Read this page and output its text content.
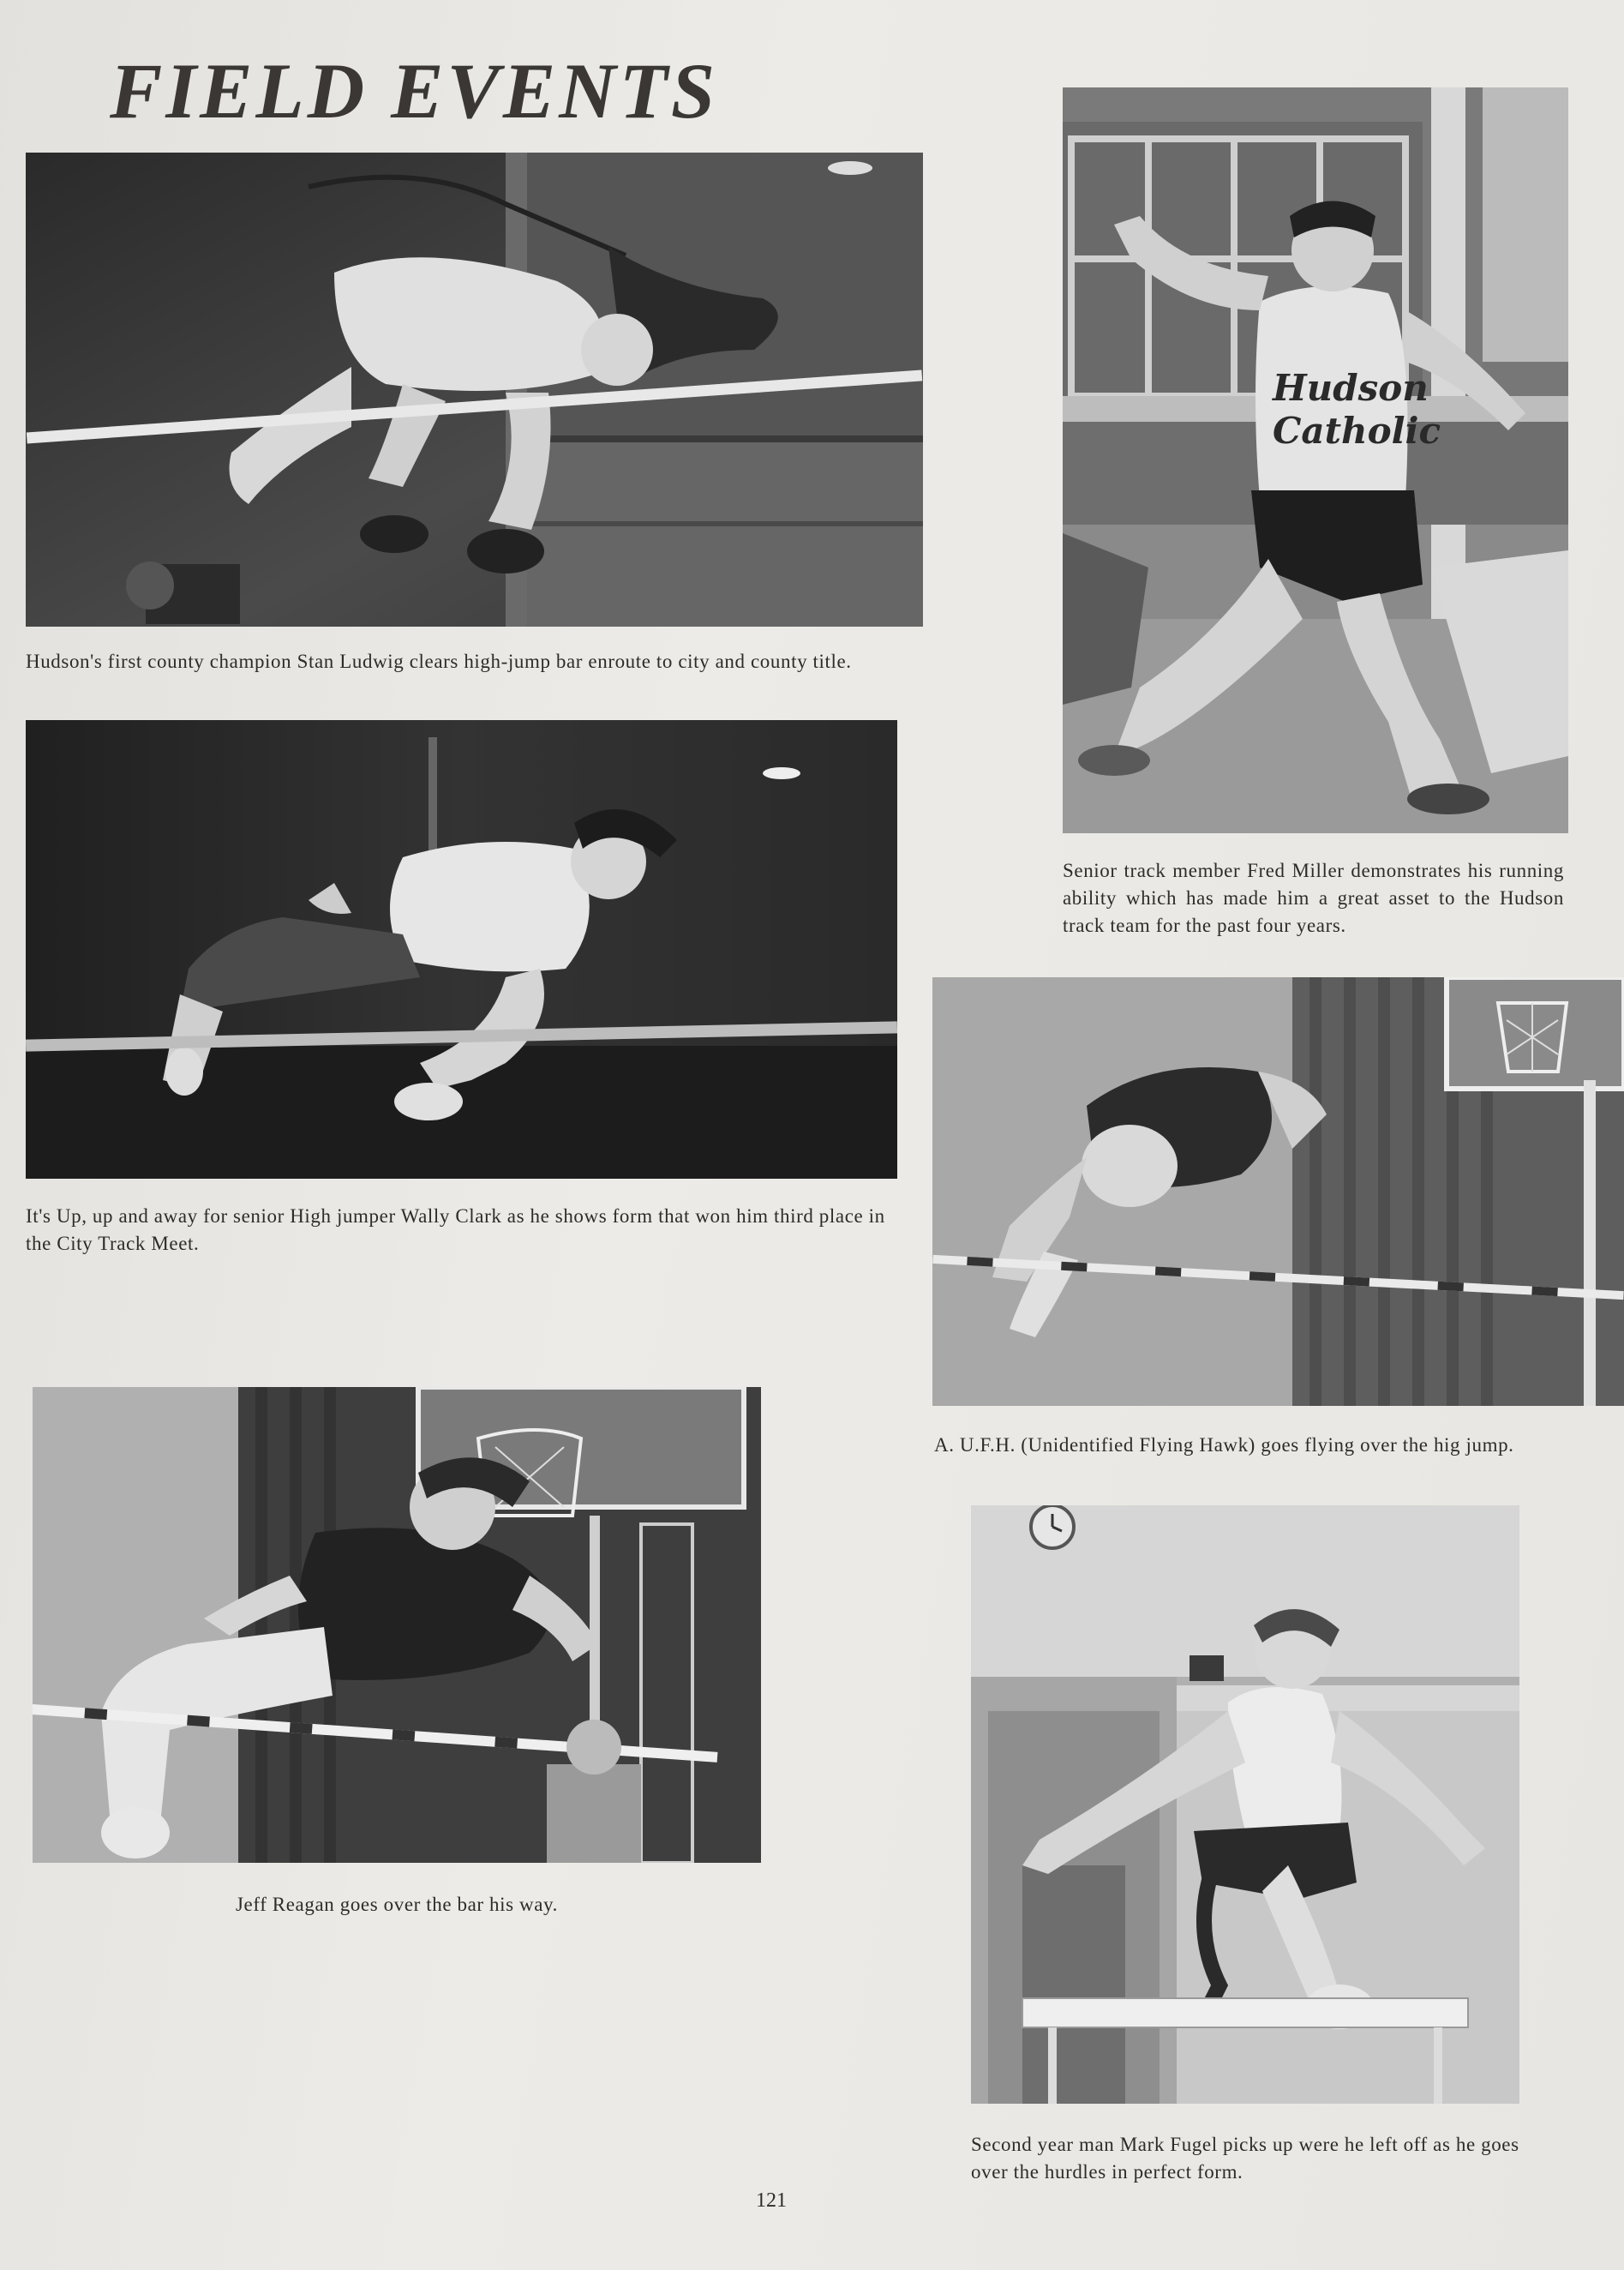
FIELD EVENTS
Hudson's first county champion Stan Ludwig clears high-jump bar enroute to city and county title.
Hudson
Catholic
Senior track member Fred Miller demonstrates his running ability which has made him a great asset to the Hudson track team for the past four years.
It's Up, up and away for senior High jumper Wally Clark as he shows form that won him third place in the City Track Meet.
A. U.F.H. (Unidentified Flying Hawk) goes flying over the hig jump.
Jeff Reagan goes over the bar his way.
Second year man Mark Fugel picks up were he left off as he goes over the hurdles in perfect form.
121
